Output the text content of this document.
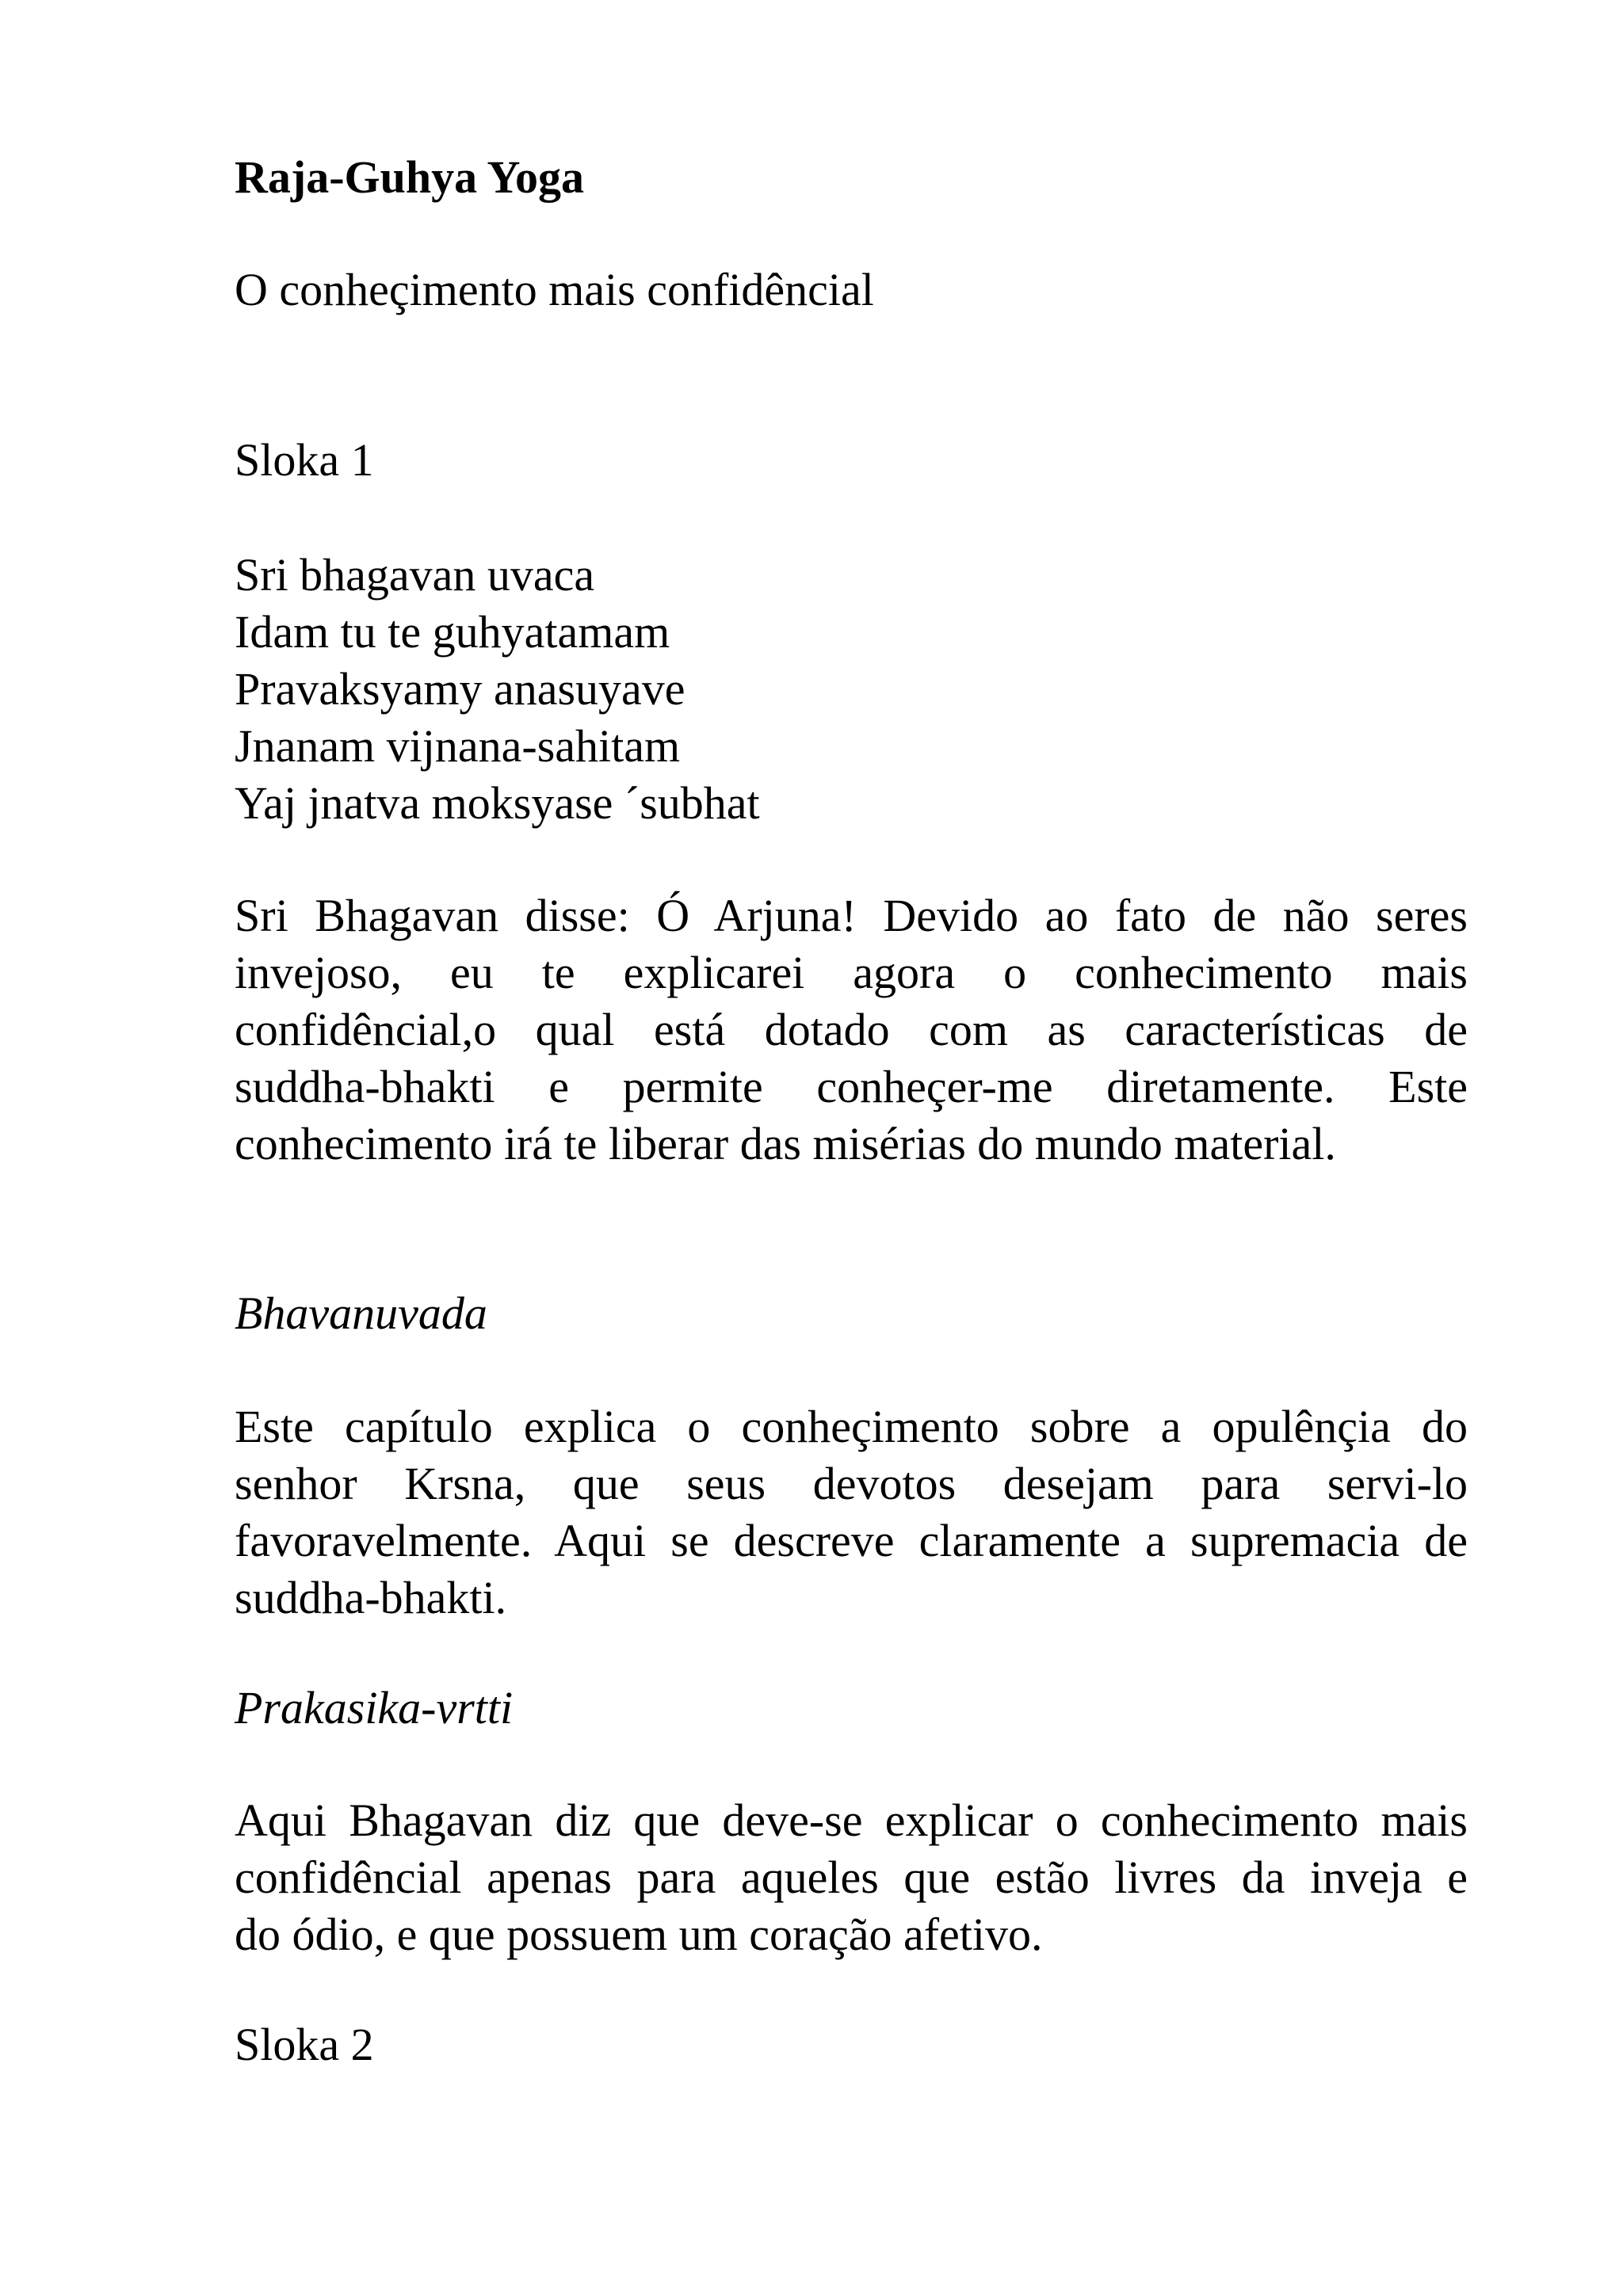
Raja-Guhya Yoga
O conheçimento mais confidêncial
Sloka 1
Sri bhagavan uvaca
Idam tu te guhyatamam
Pravaksyamy anasuyave
Jnanam vijnana-sahitam
Yaj jnatva moksyase ´subhat
Sri Bhagavan disse: Ó Arjuna! Devido ao fato de não seres
invejoso, eu te explicarei agora o conhecimento mais
confidêncial,o qual está dotado com as características de
suddha-bhakti e permite conheçer-me diretamente. Este
conhecimento irá te liberar das misérias do mundo material.
Bhavanuvada
Este capítulo explica o conheçimento sobre a opulênçia do
senhor Krsna, que seus devotos desejam para servi-lo
favoravelmente. Aqui se descreve claramente a supremacia de
suddha-bhakti.
Prakasika-vrtti
Aqui Bhagavan diz que deve-se explicar o conhecimento mais
confidêncial apenas para aqueles que estão livres da inveja e
do ódio, e que possuem um coração afetivo.
Sloka 2
